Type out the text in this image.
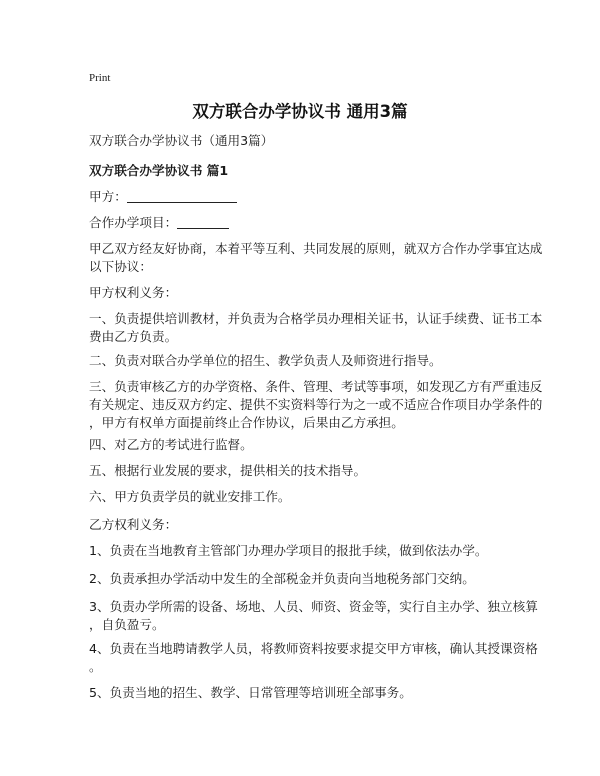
Print
双方联合办学协议书 通用3篇
双方联合办学协议书（通用3篇）
双方联合办学协议书 篇1
甲方：
合作办学项目：
甲乙双方经友好协商，本着平等互利、共同发展的原则，就双方合作办学事宜达成
以下协议：
甲方权利义务：
一、负责提供培训教材，并负责为合格学员办理相关证书，认证手续费、证书工本
费由乙方负责。
二、负责对联合办学单位的招生、教学负责人及师资进行指导。
三、负责审核乙方的办学资格、条件、管理、考试等事项，如发现乙方有严重违反
有关规定、违反双方约定、提供不实资料等行为之一或不适应合作项目办学条件的
，甲方有权单方面提前终止合作协议，后果由乙方承担。
四、对乙方的考试进行监督。
五、根据行业发展的要求，提供相关的技术指导。
六、甲方负责学员的就业安排工作。
乙方权利义务：
1、负责在当地教育主管部门办理办学项目的报批手续，做到依法办学。
2、负责承担办学活动中发生的全部税金并负责向当地税务部门交纳。
3、负责办学所需的设备、场地、人员、师资、资金等，实行自主办学、独立核算
，自负盈亏。
4、负责在当地聘请教学人员，将教师资料按要求提交甲方审核，确认其授课资格
。
5、负责当地的招生、教学、日常管理等培训班全部事务。
